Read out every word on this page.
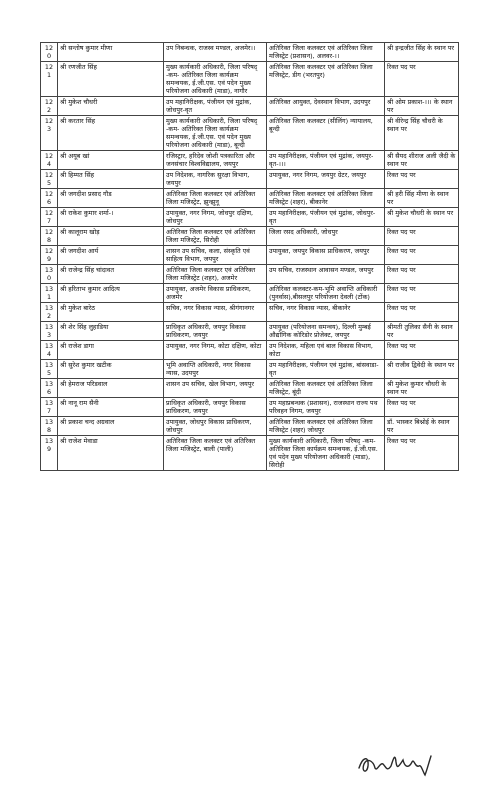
120	श्री सन्तोष कुमार मीणा	उप निबन्धक, राजस्व मण्डल, अजमेर।।	अतिरिक्त जिला कलक्टर एवं अतिरिक्त जिला मजिस्ट्रेट (प्रशासन), अलवर-।।	श्री इन्द्रजीत सिंह के स्थान पर
121	श्री रणजीत सिंह	मुख्य कार्यकारी अधिकारी, जिला परिषद् -कम- अतिरिक्त जिला कार्यक्रम समन्वयक, ई.जी.एस. एवं पदेन मुख्य परियोजना अधिकारी (माडा), नागौर	अतिरिक्त जिला कलक्टर एवं अतिरिक्त जिला मजिस्ट्रेट, डीग (भरतपुर)	रिक्त पद पर
122	श्री मुकेश चौधरी	उप महानिरीक्षक, पंजीयन एवं मुद्रांक, जोधपुर-वृत	अतिरिक्त आयुक्त, देवस्थान विभाग, उदयपुर	श्री ओम प्रकाश-।।। के स्थान पर
123	श्री करतार सिंह	मुख्य कार्यकारी अधिकारी, जिला परिषद् -कम- अतिरिक्त जिला कार्यक्रम समन्वयक, ई.जी.एस. एवं पदेन मुख्य परियोजना अधिकारी (माडा), बून्दी	अतिरिक्त जिला कलक्टर (सीलिंग) न्यायालय, बून्दी	श्री वीरेन्द्र सिंह चौधरी के स्थान पर
124	श्री अयूब खां	रजिस्ट्रार, हरिदेव जोशी पत्रकारिता और जनसंचार विश्वविद्यालय, जयपुर	उप महानिरीक्षक, पंजीयन एवं मुद्रांक, जयपुर-वृत-।।।	श्री सैयद शीराज अली जैदी के स्थान पर
125	श्री हिम्मत सिंह	उप निदेशक, नागरिक सुरक्षा विभाग, जयपुर	उपायुक्त, नगर निगम, जयपुर ग्रेटर, जयपुर	रिक्त पद पर
126	श्री जगदीश प्रसाद गौड	अतिरिक्त जिला कलक्टर एवं अतिरिक्त जिला मजिस्ट्रेट, झुन्झुनू	अतिरिक्त जिला कलक्टर एवं अतिरिक्त जिला मजिस्ट्रेट (शहर), बीकानेर	श्री हरी सिंह मीणा के स्थान पर
127	श्री राकेश कुमार शर्मा-।	उपायुक्त, नगर निगम, जोधपुर दक्षिण, जोधपुर	उप महानिरीक्षक, पंजीयन एवं मुद्रांक, जोधपुर-वृत	श्री मुकेश चौधरी के स्थान पर
128	श्री कालूराम खोड़	अतिरिक्त जिला कलक्टर एवं अतिरिक्त जिला मजिस्ट्रेट, सिरोही	जिला रसद अधिकारी, जोधपुर	रिक्त पद पर
129	श्री जगदीश आर्य	शासन उप सचिव, कला, संस्कृति एवं साहित्य विभाग, जयपुर	उपायुक्त, जयपुर विकास प्राधिकरण, जयपुर	रिक्त पद पर
130	श्री राजेन्द्र सिंह चांदावत	अतिरिक्त जिला कलक्टर एवं अतिरिक्त जिला मजिस्ट्रेट (शहर), अजमेर	उप सचिव, राजस्थान आवासन मण्डल, जयपुर	रिक्त पद पर
131	श्री हरिताभ कुमार आदित्य	उपायुक्त, अजमेर विकास प्राधिकरण, अजमेर	अतिरिक्त कलक्टर-कम-भूमि अवाप्ति अधिकारी (पुनर्वास),बीसलपुर परियोजना देवली (टोंक)	रिक्त पद पर
132	श्री मुकेश बारेठ	सचिव, नगर विकास न्यास, श्रीगंगानगर	सचिव, नगर विकास न्यास, बीकानेर	रिक्त पद पर
133	श्री शेर सिंह लुहाडिया	प्राधिकृत अधिकारी, जयपुर विकास प्राधिकरण, जयपुर	उपायुक्त (परियोजना समन्वय), दिल्ली मुम्बई औद्योगिक कोरिडोर प्रोजेक्ट, जयपुर	श्रीमती तुलिका सैनी के स्थान पर
134	श्री राजेश डागा	उपायुक्त, नगर निगम, कोटा दक्षिण, कोटा	उप निदेशक, महिला एवं बाल विकास विभाग, कोटा	रिक्त पद पर
135	श्री सुरेश कुमार खटीक	भूमि अवाप्ति अधिकारी, नगर विकास न्यास, उदयपुर	उप महानिरीक्षक, पंजीयन एवं मुद्रांक, बांसवाडा-वृत	श्री राजीव द्विवेदी के स्थान पर
136	श्री हेमराज परिडवाल	शासन उप सचिव, खेल विभाग, जयपुर	अतिरिक्त जिला कलक्टर एवं अतिरिक्त जिला मजिस्ट्रेट, बूंदी	श्री मुकेश कुमार चौधरी के स्थान पर
137	श्री नानू राम सैनी	प्राधिकृत अधिकारी, जयपुर विकास प्राधिकरण, जयपुर	उप महाप्रबन्धक (प्रशासन), राजस्थान राज्य पथ परिवहन निगम, जयपुर	रिक्त पद पर
138	श्री प्रकाश चन्द अग्रवाल	उपायुक्त, जोधपुर विकास प्राधिकरण, जोधपुर	अतिरिक्त जिला कलक्टर एवं अतिरिक्त जिला मजिस्ट्रेट (शहर) जोधपुर	डॉ. भास्कर बिश्नोई के स्थान पर
139	श्री राजेश मेवाडा	अतिरिक्त जिला कलक्टर एवं अतिरिक्त जिला मजिस्ट्रेट, बाली (पाली)	मुख्य कार्यकारी अधिकारी, जिला परिषद् -कम- अतिरिक्त जिला कार्यक्रम समन्वयक, ई.जी.एस. एवं पदेन मुख्य परियोजना अधिकारी (माडा), सिरोही	रिक्त पद पर
